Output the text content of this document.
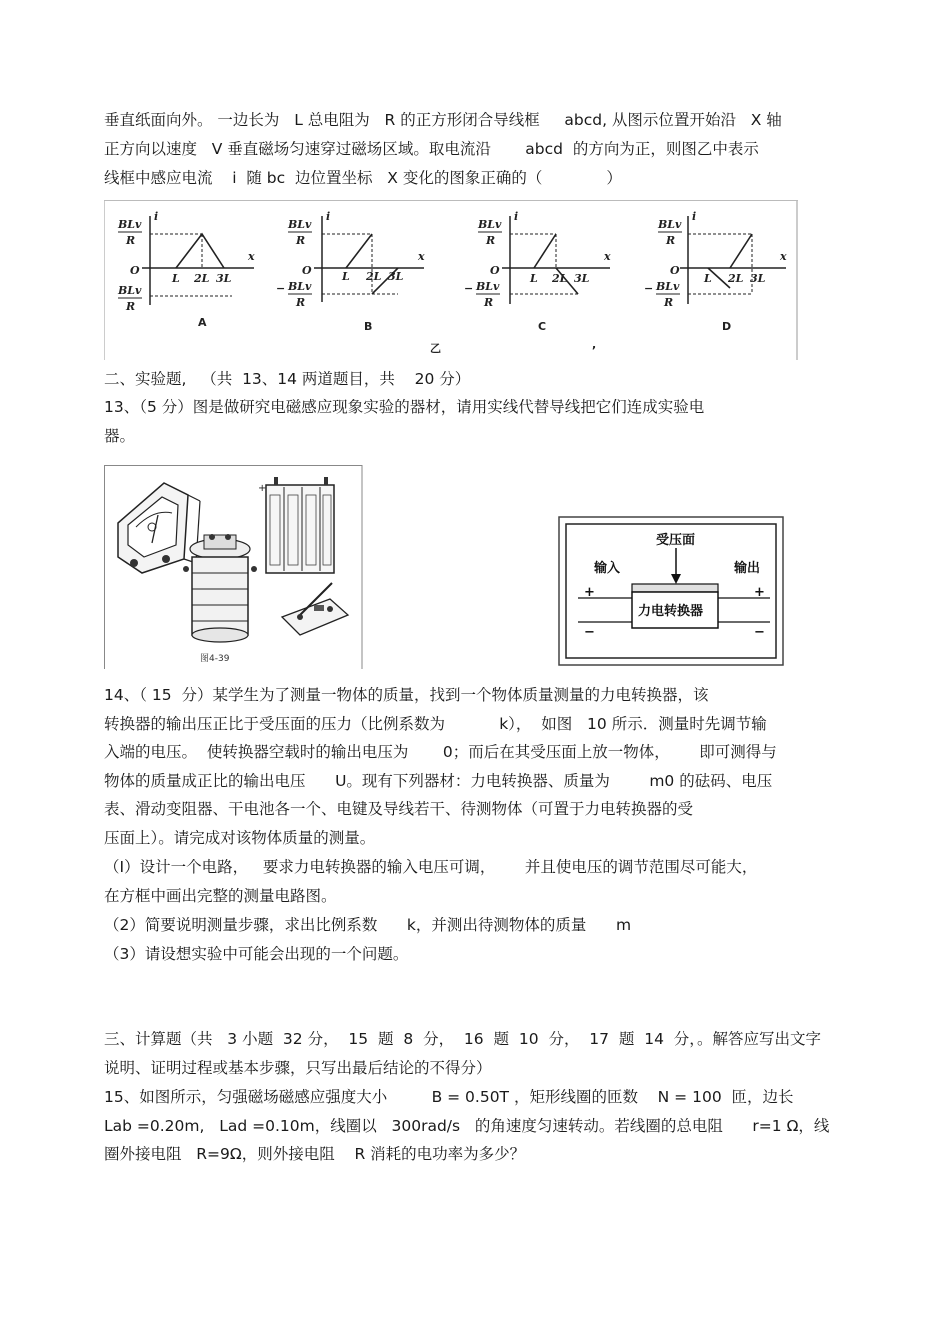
垂直纸面向外。 一边长为   L 总电阻为   R 的正方形闭合导线框     abcd, 从图示位置开始沿   X 轴
正方向以速度   V 垂直磁场匀速穿过磁场区域。取电流沿       abcd  的方向为正，则图乙中表示
线框中感应电流    i  随 bc  边位置坐标   X 变化的图象正确的（             ）
BLv
R
BLv
R
O
i
x
L 2L 3L
A
BLv
R
− BLv
R
O
i
x
L 2L 3L
B
BLv
R
− BLv
R
O
i
x
L 2L 3L
C
BLv
R
− BLv
R
O
i
x
L 2L 3L
D
乙	,
二、实验题,   （共  13、14 两道题目，共    20 分）
13、（5 分）图是做研究电磁感应现象实验的器材，请用实线代替导线把它们连成实验电
器。
+
图4-39
受压面
输入	输出
力电转换器
+
−
+
−
14、（ 15  分）某学生为了测量一物体的质量，找到一个物体质量测量的力电转换器，该
转换器的输出压正比于受压面的压力（比例系数为           k），  如图   10 所示．测量时先调节输
入端的电压。  使转换器空载时的输出电压为       0；而后在其受压面上放一物体，      即可测得与
物体的质量成正比的输出电压      U。现有下列器材：力电转换器、质量为        m0 的砝码、电压
表、滑动变阻器、干电池各一个、电键及导线若干、待测物体（可置于力电转换器的受
压面上）。请完成对该物体质量的测量。
（I）设计一个电路，   要求力电转换器的输入电压可调，      并且使电压的调节范围尽可能大，
在方框中画出完整的测量电路图。
（2）简要说明测量步骤，求出比例系数      k，并测出待测物体的质量      m
（3）请设想实验中可能会出现的一个问题。
三、计算题（共   3 小题  32 分，  15  题  8  分，  16  题  10  分，  17  题  14  分，。解答应写出文字
说明、证明过程或基本步骤，只写出最后结论的不得分）
15、如图所示，匀强磁场磁感应强度大小         B = 0.50T ，矩形线圈的匝数    N = 100  匝，边长
Lab =0.20m,   Lad =0.10m，线圈以   300rad/s   的角速度匀速转动。若线圈的总电阻      r=1 Ω，线
圈外接电阻   R=9Ω，则外接电阻    R 消耗的电功率为多少？
